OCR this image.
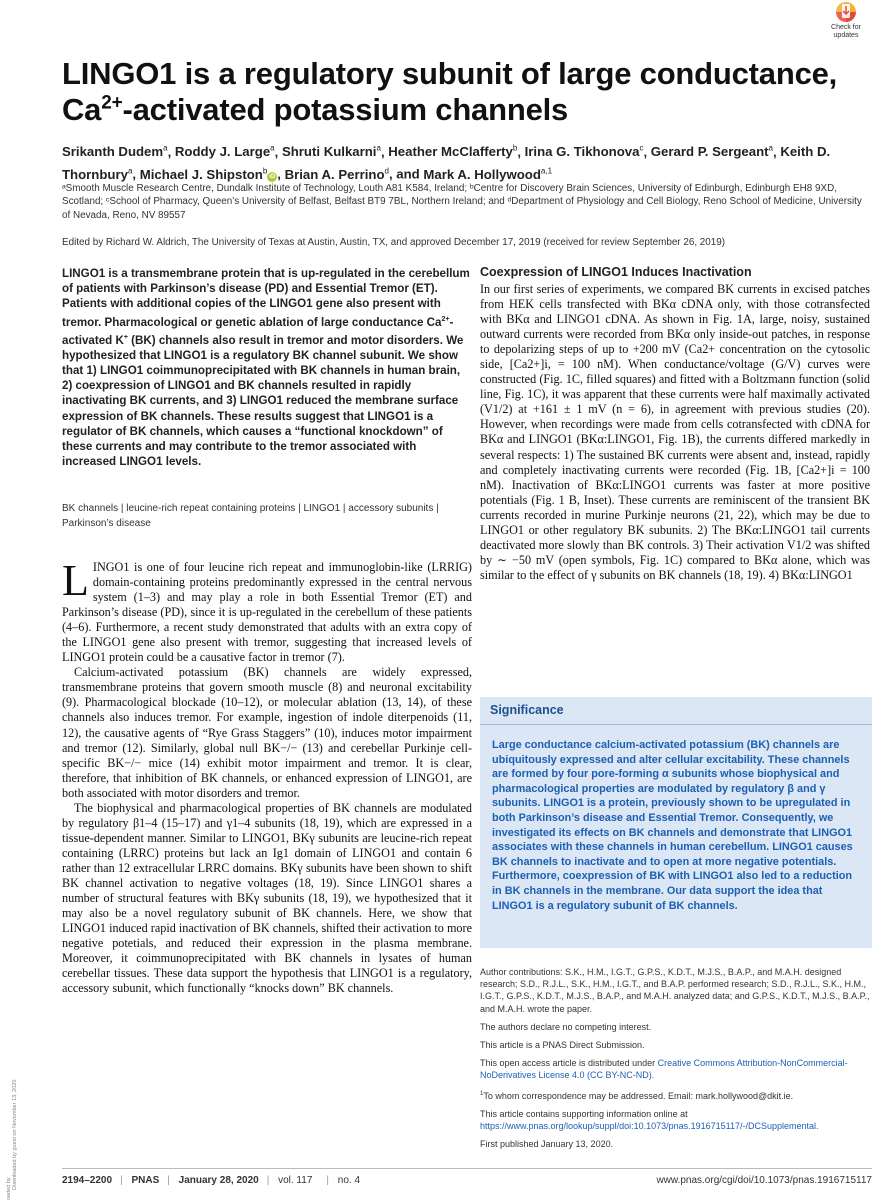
Downloaded by guest on November 13, 2020
oaded by
Check for
updates
LINGO1 is a regulatory subunit of large conductance,
$Ca^{2+}$-activated potassium channels
Srikanth Dudem$^a$, Roddy J. Large$^a$, Shruti Kulkarni$^a$, Heather McClafferty$^b$, Irina G. Tikhonova$^c$, Gerard P. Sergeant$^a$, Keith D. Thornbury$^a$, Michael J. Shipston$^b$iD , Brian A. Perrino$^d$, and Mark A. Hollywood$^{a,1}$
ᵃSmooth Muscle Research Centre, Dundalk Institute of Technology, Louth A81 K584, Ireland; ᵇCentre for Discovery Brain Sciences, University of Edinburgh, Edinburgh EH8 9XD, Scotland; ᶜSchool of Pharmacy, Queen’s University of Belfast, Belfast BT9 7BL, Northern Ireland; and ᵈDepartment of Physiology and Cell Biology, Reno School of Medicine, University of Nevada, Reno, NV 89557
Edited by Richard W. Aldrich, The University of Texas at Austin, Austin, TX, and approved December 17, 2019 (received for review September 26, 2019)
LINGO1 is a transmembrane protein that is up-regulated in the cerebellum of patients with Parkinson’s disease (PD) and Essential Tremor (ET). Patients with additional copies of the LINGO1 gene also present with tremor. Pharmacological or genetic ablation of large conductance $Ca^{2+}$-activated K+ (BK) channels also result in tremor and motor disorders. We hypothesized that LINGO1 is a regulatory BK channel subunit. We show that 1) LINGO1 coimmunoprecipitated with BK channels in human brain, 2) coexpression of LINGO1 and BK channels resulted in rapidly inactivating BK currents, and 3) LINGO1 reduced the membrane surface expression of BK channels. These results suggest that LINGO1 is a regulator of BK channels, which causes a “functional knockdown” of these currents and may contribute to the tremor associated with increased LINGO1 levels.
BK channels | leucine-rich repeat containing proteins | LINGO1 | accessory subunits | Parkinson’s disease

LINGO1 is one of four leucine rich repeat and immunoglobin-like (LRRIG) domain-containing proteins predominantly expressed in the central nervous system (1–3) and may play a role in both Essential Tremor (ET) and Parkinson’s disease (PD), since it is up-regulated in the cerebellum of these patients (4–6). Furthermore, a recent study demonstrated that adults with an extra copy of the LINGO1 gene also present with tremor, suggesting that increased levels of LINGO1 protein could be a causative factor in tremor (7).

Calcium-activated potassium (BK) channels are widely expressed, transmembrane proteins that govern smooth muscle (8) and neuronal excitability (9). Pharmacological blockade (10–12), or molecular ablation (13, 14), of these channels also induces tremor. For example, ingestion of indole diterpenoids (11, 12), the causative agents of “Rye Grass Staggers” (10), induces motor impairment and tremor (12). Similarly, global null BK−/− (13) and cerebellar Purkinje cell-specific BK−/− mice (14) exhibit motor impairment and tremor. It is clear, therefore, that inhibition of BK channels, or enhanced expression of LINGO1, are both associated with motor disorders and tremor.

The biophysical and pharmacological properties of BK channels are modulated by regulatory β1–4 (15–17) and γ1–4 subunits (18, 19), which are expressed in a tissue-dependent manner. Similar to LINGO1, BKγ subunits are leucine-rich repeat containing (LRRC) proteins but lack an Ig1 domain of LINGO1 and contain 6 rather than 12 extracellular LRRC domains. BKγ subunits have been shown to shift BK channel activation to negative voltages (18, 19). Since LINGO1 shares a number of structural features with BKγ subunits (18, 19), we hypothesized that it may also be a novel regulatory subunit of BK channels. Here, we show that LINGO1 induced rapid inactivation of BK channels, shifted their activation to more negative potetials, and reduced their expression in the plasma membrane. Moreover, it coimmunoprecipitated with BK channels in lysates of human cerebellar tissues. These data support the hypothesis that LINGO1 is a regulatory, accessory subunit, which functionally “knocks down” BK channels.

Coexpression of LINGO1 Induces Inactivation

In our first series of experiments, we compared BK currents in excised patches from HEK cells transfected with BKα cDNA only, with those cotransfected with BKα and LINGO1 cDNA. As shown in Fig. 1A, large, noisy, sustained outward currents were recorded from BKα only inside-out patches, in response to depolarizing steps of up to +200 mV (Ca2+ concentration on the cytosolic side, [Ca2+]i, = 100 nM). When conductance/voltage (G/V) curves were constructed (Fig. 1C, filled squares) and fitted with a Boltzmann function (solid line, Fig. 1C), it was apparent that these currents were half maximally activated (V1/2) at +161 ± 1 mV (n = 6), in agreement with previous studies (20). However, when recordings were made from cells cotransfected with cDNA for BKα and LINGO1 (BKα:LINGO1, Fig. 1B), the currents differed markedly in several respects: 1) The sustained BK currents were absent and, instead, rapidly and completely inactivating currents were recorded (Fig. 1B, [Ca2+]i = 100 nM). Inactivation of BKα:LINGO1 currents was faster at more positive potentials (Fig. 1 B, Inset). These currents are reminiscent of the transient BK currents recorded in murine Purkinje neurons (21, 22), which may be due to LINGO1 or other regulatory BK subunits. 2) The BKα:LINGO1 tail currents deactivated more slowly than BK controls. 3) Their activation V1/2 was shifted by ∼ −50 mV (open symbols, Fig. 1C) compared to BKα alone, which was similar to the effect of γ subunits on BK channels (18, 19). 4) BKα:LINGO1

Significance
Large conductance calcium-activated potassium (BK) channels are ubiquitously expressed and alter cellular excitability. These channels are formed by four pore-forming α subunits whose biophysical and pharmacological properties are modulated by regulatory β and γ subunits. LINGO1 is a protein, previously shown to be upregulated in both Parkinson’s disease and Essential Tremor. Consequently, we investigated its effects on BK channels and demonstrate that LINGO1 associates with these channels in human cerebellum. LINGO1 causes BK channels to inactivate and to open at more negative potentials. Furthermore, coexpression of BK with LINGO1 also led to a reduction in BK channels in the membrane. Our data support the idea that LINGO1 is a regulatory subunit of BK channels.

Author contributions: S.K., H.M., I.G.T., G.P.S., K.D.T., M.J.S., B.A.P., and M.A.H. designed research; S.D., R.J.L., S.K., H.M., I.G.T., and B.A.P. performed research; S.D., R.J.L., S.K., H.M., I.G.T., G.P.S., K.D.T., M.J.S., B.A.P., and M.A.H. analyzed data; and G.P.S., K.D.T., M.J.S., B.A.P., and M.A.H. wrote the paper.

The authors declare no competing interest.

This article is a PNAS Direct Submission.

This open access article is distributed under Creative Commons Attribution-NonCommercial-NoDerivatives License 4.0 (CC BY-NC-ND).

$^1$To whom correspondence may be addressed. Email: mark.hollywood@dkit.ie.

This article contains supporting information online at https://www.pnas.org/lookup/suppl/doi:10.1073/pnas.1916715117/-/DCSupplemental.

First published January 13, 2020.

2194–2200 | PNAS | January 28, 2020 | vol. 117 | no. 4	www.pnas.org/cgi/doi/10.1073/pnas.1916715117
